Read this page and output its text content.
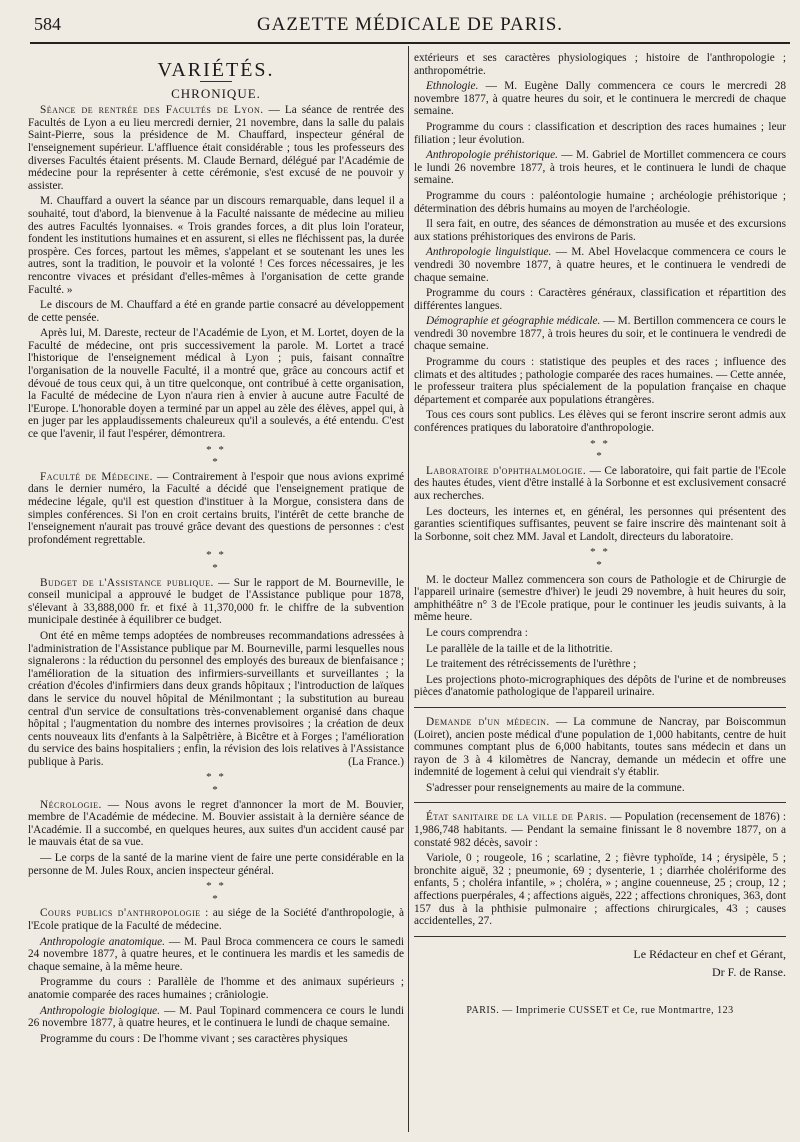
584	GAZETTE MÉDICALE DE PARIS.
VARIÉTÉS.
CHRONIQUE.

Séance de rentrée des Facultés de Lyon. — La séance de rentrée des Facultés de Lyon a eu lieu mercredi dernier, 21 novembre, dans la salle du palais Saint-Pierre, sous la présidence de M. Chauffard, inspecteur général de l'enseignement supérieur. L'affluence était considérable ; tous les professeurs des diverses Facultés étaient présents. M. Claude Bernard, délégué par l'Académie de médecine pour la représenter à cette cérémonie, s'est excusé de ne pouvoir y assister.

M. Chauffard a ouvert la séance par un discours remarquable, dans lequel il a souhaité, tout d'abord, la bienvenue à la Faculté naissante de médecine au milieu des autres Facultés lyonnaises. « Trois grandes forces, a dit plus loin l'orateur, fondent les institutions humaines et en assurent, si elles ne fléchissent pas, la durée prospère. Ces forces, partout les mêmes, s'appelant et se soutenant les unes les autres, sont la tradition, le pouvoir et la volonté ! Ces forces nécessaires, je les rencontre vivaces et présidant d'elles-mêmes à l'organisation de cette grande Faculté. »

Le discours de M. Chauffard a été en grande partie consacré au développement de cette pensée.

Après lui, M. Dareste, recteur de l'Académie de Lyon, et M. Lortet, doyen de la Faculté de médecine, ont pris successivement la parole. M. Lortet a tracé l'historique de l'enseignement médical à Lyon ; puis, faisant connaître l'organisation de la nouvelle Faculté, il a montré que, grâce au concours actif et dévoué de tous ceux qui, à un titre quelconque, ont contribué à cette organisation, la Faculté de médecine de Lyon n'aura rien à envier à aucune autre Faculté de l'Europe. L'honorable doyen a terminé par un appel au zèle des élèves, appel qui, à en juger par les applaudissements chaleureux qu'il a soulevés, a été entendu. C'est ce que l'avenir, il faut l'espérer, démontrera.

* *
*

Faculté de Médecine. — Contrairement à l'espoir que nous avions exprimé dans le dernier numéro, la Faculté a décidé que l'enseignement pratique de médecine légale, qu'il est question d'instituer à la Morgue, consistera dans de simples conférences. Si l'on en croit certains bruits, l'intérêt de cette branche de l'enseignement n'aurait pas trouvé grâce devant des questions de personnes : c'est profondément regrettable.

* *
*

Budget de l'Assistance publique. — Sur le rapport de M. Bourneville, le conseil municipal a approuvé le budget de l'Assistance publique pour 1878, s'élevant à 33,888,000 fr. et fixé à 11,370,000 fr. le chiffre de la subvention municipale destinée à équilibrer ce budget.

Ont été en même temps adoptées de nombreuses recommandations adressées à l'administration de l'Assistance publique par M. Bourneville, parmi lesquelles nous signalerons : la réduction du personnel des employés des bureaux de bienfaisance ; l'amélioration de la situation des infirmiers-surveillants et surveillantes ; la création d'écoles d'infirmiers dans deux grands hôpitaux ; l'introduction de laïques dans le service du nouvel hôpital de Ménilmontant ; la substitution au bureau central d'un service de consultations très-convenablement organisé dans chaque hôpital ; l'augmentation du nombre des internes provisoires ; la création de deux cents nouveaux lits d'enfants à la Salpêtrière, à Bicêtre et à Forges ; l'amélioration du service des bains hospitaliers ; enfin, la révision des lois relatives à l'Assistance publique à Paris.	(La France.)

* *
*

Nécrologie. — Nous avons le regret d'annoncer la mort de M. Bouvier, membre de l'Académie de médecine. M. Bouvier assistait à la dernière séance de l'Académie. Il a succombé, en quelques heures, aux suites d'un accident causé par le mauvais état de sa vue.

— Le corps de la santé de la marine vient de faire une perte considérable en la personne de M. Jules Roux, ancien inspecteur général.

* *
*

Cours publics d'anthropologie : au siége de la Société d'anthropologie, à l'Ecole pratique de la Faculté de médecine.

Anthropologie anatomique. — M. Paul Broca commencera ce cours le samedi 24 novembre 1877, à quatre heures, et le continuera les mardis et les samedis de chaque semaine, à la même heure.

Programme du cours : Parallèle de l'homme et des animaux supérieurs ; anatomie comparée des races humaines ; crâniologie.

Anthropologie biologique. — M. Paul Topinard commencera ce cours le lundi 26 novembre 1877, à quatre heures, et le continuera le lundi de chaque semaine.

Programme du cours : De l'homme vivant ; ses caractères physiques

extérieurs et ses caractères physiologiques ; histoire de l'anthropologie ; anthropométrie.

Ethnologie. — M. Eugène Dally commencera ce cours le mercredi 28 novembre 1877, à quatre heures du soir, et le continuera le mercredi de chaque semaine.

Programme du cours : classification et description des races humaines ; leur filiation ; leur évolution.

Anthropologie préhistorique. — M. Gabriel de Mortillet commencera ce cours le lundi 26 novembre 1877, à trois heures, et le continuera le lundi de chaque semaine.

Programme du cours : paléontologie humaine ; archéologie préhistorique ; détermination des débris humains au moyen de l'archéologie.

Il sera fait, en outre, des séances de démonstration au musée et des excursions aux stations préhistoriques des environs de Paris.

Anthropologie linguistique. — M. Abel Hovelacque commencera ce cours le vendredi 30 novembre 1877, à quatre heures, et le continuera le vendredi de chaque semaine.

Programme du cours : Caractères généraux, classification et répartition des différentes langues.

Démographie et géographie médicale. — M. Bertillon commencera ce cours le vendredi 30 novembre 1877, à trois heures du soir, et le continuera le vendredi de chaque semaine.

Programme du cours : statistique des peuples et des races ; influence des climats et des altitudes ; pathologie comparée des races humaines. — Cette année, le professeur traitera plus spécialement de la population française en chaque département et comparée aux populations étrangères.

Tous ces cours sont publics. Les élèves qui se feront inscrire seront admis aux conférences pratiques du laboratoire d'anthropologie.

* *
*

Laboratoire d'ophthalmologie. — Ce laboratoire, qui fait partie de l'Ecole des hautes études, vient d'être installé à la Sorbonne et est exclusivement consacré aux recherches.

Les docteurs, les internes et, en général, les personnes qui présentent des garanties scientifiques suffisantes, peuvent se faire inscrire dès maintenant soit à la Sorbonne, soit chez MM. Javal et Landolt, directeurs du laboratoire.

* *
*

M. le docteur Mallez commencera son cours de Pathologie et de Chirurgie de l'appareil urinaire (semestre d'hiver) le jeudi 29 novembre, à huit heures du soir, amphithéâtre n° 3 de l'Ecole pratique, pour le continuer les jeudis suivants, à la même heure.

Le cours comprendra :

Le parallèle de la taille et de la lithotritie.

Le traitement des rétrécissements de l'urèthre ;

Les projections photo-micrographiques des dépôts de l'urine et de nombreuses pièces d'anatomie pathologique de l'appareil urinaire.

Demande d'un médecin. — La commune de Nancray, par Boiscommun (Loiret), ancien poste médical d'une population de 1,000 habitants, centre de huit communes comptant plus de 6,000 habitants, toutes sans médecin et dans un rayon de 3 à 4 kilomètres de Nancray, demande un médecin et offre une indemnité de logement à celui qui viendrait s'y établir.

S'adresser pour renseignements au maire de la commune.

État sanitaire de la ville de Paris. — Population (recensement de 1876) : 1,986,748 habitants. — Pendant la semaine finissant le 8 novembre 1877, on a constaté 982 décès, savoir :

Variole, 0 ; rougeole, 16 ; scarlatine, 2 ; fièvre typhoïde, 14 ; érysipèle, 5 ; bronchite aiguë, 32 ; pneumonie, 69 ; dysenterie, 1 ; diarrhée cholériforme des enfants, 5 ; choléra infantile, » ; choléra, » ; angine couenneuse, 25 ; croup, 12 ; affections puerpérales, 4 ; affections aiguës, 222 ; affections chroniques, 363, dont 157 dus à la phthisie pulmonaire ; affections chirurgicales, 43 ; causes accidentelles, 27.

Le Rédacteur en chef et Gérant,
Dr F. de Ranse.
PARIS. — Imprimerie CUSSET et Ce, rue Montmartre, 123
